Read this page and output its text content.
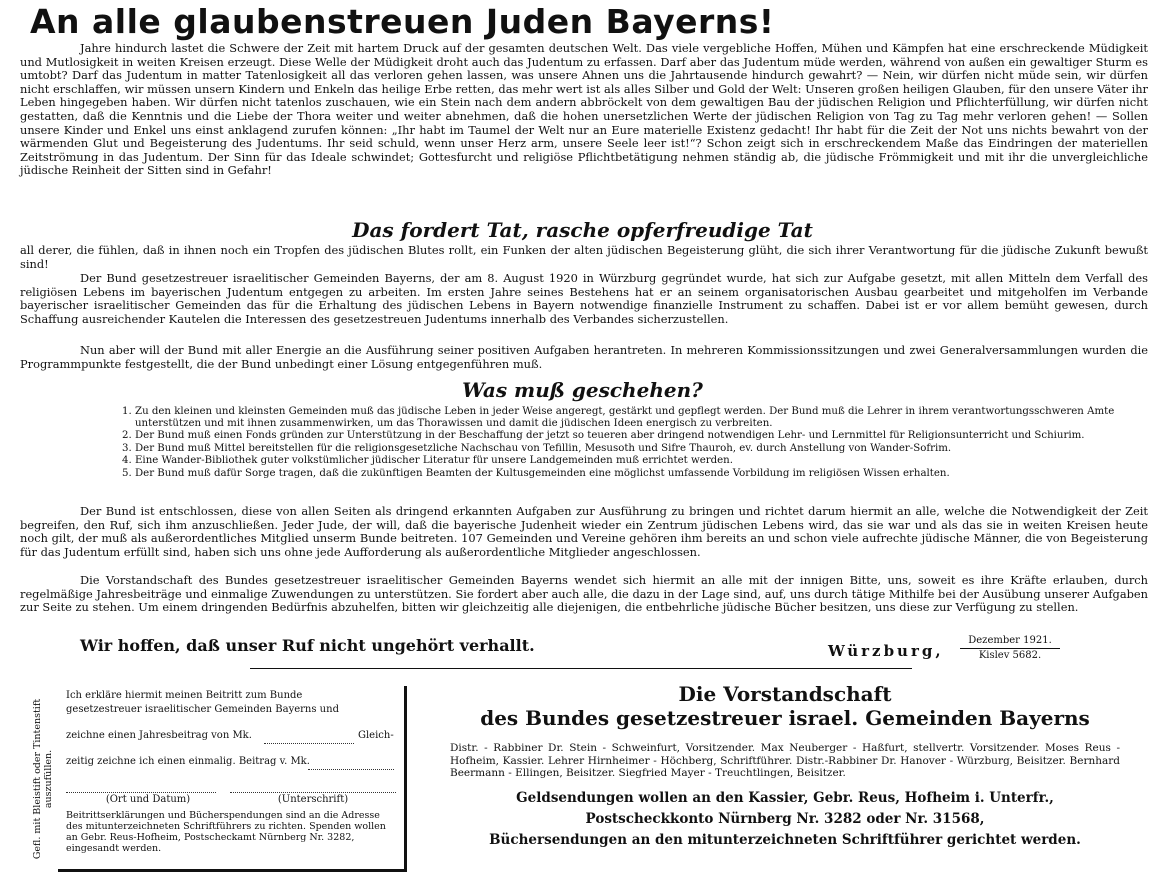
An alle glaubenstreuen Juden Bayerns!

Jahre hindurch lastet die Schwere der Zeit mit hartem Druck auf der gesamten deutschen Welt. Das viele vergebliche Hoffen, Mühen und Kämpfen hat eine erschreckende Müdigkeit und Mutlosigkeit in weiten Kreisen erzeugt. Diese Welle der Müdigkeit droht auch das Judentum zu erfassen. Darf aber das Judentum müde werden, während von außen ein gewaltiger Sturm es umtobt? Darf das Judentum in matter Tatenlosigkeit all das verloren gehen lassen, was unsere Ahnen uns die Jahrtausende hindurch gewahrt? — Nein, wir dürfen nicht müde sein, wir dürfen nicht erschlaffen, wir müssen unsern Kindern und Enkeln das heilige Erbe retten, das mehr wert ist als alles Silber und Gold der Welt: Unseren großen heiligen Glauben, für den unsere Väter ihr Leben hingegeben haben. Wir dürfen nicht tatenlos zuschauen, wie ein Stein nach dem andern abbröckelt von dem gewaltigen Bau der jüdischen Religion und Pflichterfüllung, wir dürfen nicht gestatten, daß die Kenntnis und die Liebe der Thora weiter und weiter abnehmen, daß die hohen unersetzlichen Werte der jüdischen Religion von Tag zu Tag mehr verloren gehen! — Sollen unsere Kinder und Enkel uns einst anklagend zurufen können: „Ihr habt im Taumel der Welt nur an Eure materielle Existenz gedacht! Ihr habt für die Zeit der Not uns nichts bewahrt von der wärmenden Glut und Begeisterung des Judentums. Ihr seid schuld, wenn unser Herz arm, unsere Seele leer ist!“? Schon zeigt sich in erschreckendem Maße das Eindringen der materiellen Zeitströmung in das Judentum. Der Sinn für das Ideale schwindet; Gottesfurcht und religiöse Pflichtbetätigung nehmen ständig ab, die jüdische Frömmigkeit und mit ihr die unvergleichliche jüdische Reinheit der Sitten sind in Gefahr!

Das fordert Tat, rasche opferfreudige Tat

all derer, die fühlen, daß in ihnen noch ein Tropfen des jüdischen Blutes rollt, ein Funken der alten jüdischen Begeisterung glüht, die sich ihrer Verantwortung für die jüdische Zukunft bewußt sind!

Der Bund gesetzestreuer israelitischer Gemeinden Bayerns, der am 8. August 1920 in Würzburg gegründet wurde, hat sich zur Aufgabe gesetzt, mit allen Mitteln dem Verfall des religiösen Lebens im bayerischen Judentum entgegen zu arbeiten. Im ersten Jahre seines Bestehens hat er an seinem organisatorischen Ausbau gearbeitet und mitgeholfen im Verbande bayerischer israelitischer Gemeinden das für die Erhaltung des jüdischen Lebens in Bayern notwendige finanzielle Instrument zu schaffen. Dabei ist er vor allem bemüht gewesen, durch Schaffung ausreichender Kautelen die Interessen des gesetzestreuen Judentums innerhalb des Verbandes sicherzustellen.

Nun aber will der Bund mit aller Energie an die Ausführung seiner positiven Aufgaben herantreten. In mehreren Kommissionssitzungen und zwei Generalversammlungen wurden die Programmpunkte festgestellt, die der Bund unbedingt einer Lösung entgegenführen muß.

Was muß geschehen?
1. Zu den kleinen und kleinsten Gemeinden muß das jüdische Leben in jeder Weise angeregt, gestärkt und gepflegt werden. Der Bund muß die Lehrer in ihrem verantwortungsschweren Amte unterstützen und mit ihnen zusammenwirken, um das Thorawissen und damit die jüdischen Ideen energisch zu verbreiten.
2. Der Bund muß einen Fonds gründen zur Unterstützung in der Beschaffung der jetzt so teueren aber dringend notwendigen Lehr- und Lernmittel für Religionsunterricht und Schiurim.
3. Der Bund muß Mittel bereitstellen für die religionsgesetzliche Nachschau von Tefillin, Mesusoth und Sifre Thauroh, ev. durch Anstellung von Wander-Sofrim.
4. Eine Wander-Bibliothek guter volkstümlicher jüdischer Literatur für unsere Landgemeinden muß errichtet werden.
5. Der Bund muß dafür Sorge tragen, daß die zukünftigen Beamten der Kultusgemeinden eine möglichst umfassende Vorbildung im religiösen Wissen erhalten.

Der Bund ist entschlossen, diese von allen Seiten als dringend erkannten Aufgaben zur Ausführung zu bringen und richtet darum hiermit an alle, welche die Notwendigkeit der Zeit begreifen, den Ruf, sich ihm anzuschließen. Jeder Jude, der will, daß die bayerische Judenheit wieder ein Zentrum jüdischen Lebens wird, das sie war und als das sie in weiten Kreisen heute noch gilt, der muß als außerordentliches Mitglied unserm Bunde beitreten. 107 Gemeinden und Vereine gehören ihm bereits an und schon viele aufrechte jüdische Männer, die von Begeisterung für das Judentum erfüllt sind, haben sich uns ohne jede Aufforderung als außerordentliche Mitglieder angeschlossen.

Die Vorstandschaft des Bundes gesetzestreuer israelitischer Gemeinden Bayerns wendet sich hiermit an alle mit der innigen Bitte, uns, soweit es ihre Kräfte erlauben, durch regelmäßige Jahresbeiträge und einmalige Zuwendungen zu unterstützen. Sie fordert aber auch alle, die dazu in der Lage sind, auf, uns durch tätige Mithilfe bei der Ausübung unserer Aufgaben zur Seite zu stehen. Um einem dringenden Bedürfnis abzuhelfen, bitten wir gleichzeitig alle diejenigen, die entbehrliche jüdische Bücher besitzen, uns diese zur Verfügung zu stellen.

Wir hoffen, daß unser Ruf nicht ungehört verhallt.	Würzburg,
Dezember 1921.
Kislev 5682.
Gefl. mit Bleistift oder Tintenstift auszufüllen.
Ich erkläre hiermit meinen Beitritt zum Bunde
gesetzestreuer israelitischer Gemeinden Bayerns und
zeichne einen Jahresbeitrag von Mk.	Gleich-
zeitig zeichne ich einen einmalig. Beitrag v. Mk.
(Ort und Datum)	(Unterschrift)
Beitrittserklärungen und Bücherspendungen sind an die Adresse des mitunterzeichneten Schriftführers zu richten. Spenden wollen an Gebr. Reus-Hofheim, Postscheckamt Nürnberg Nr. 3282, eingesandt werden.
Die Vorstandschaft
des Bundes gesetzestreuer israel. Gemeinden Bayerns
Distr. - Rabbiner Dr. Stein - Schweinfurt, Vorsitzender. Max Neuberger - Haßfurt, stellvertr. Vorsitzender. Moses Reus - Hofheim, Kassier. Lehrer Hirnheimer - Höchberg, Schriftführer. Distr.-Rabbiner Dr. Hanover - Würzburg, Beisitzer. Bernhard Beermann - Ellingen, Beisitzer. Siegfried Mayer - Treuchtlingen, Beisitzer.
Geldsendungen wollen an den Kassier, Gebr. Reus, Hofheim i. Unterfr.,
Postscheckkonto Nürnberg Nr. 3282 oder Nr. 31568,
Büchersendungen an den mitunterzeichneten Schriftführer gerichtet werden.
